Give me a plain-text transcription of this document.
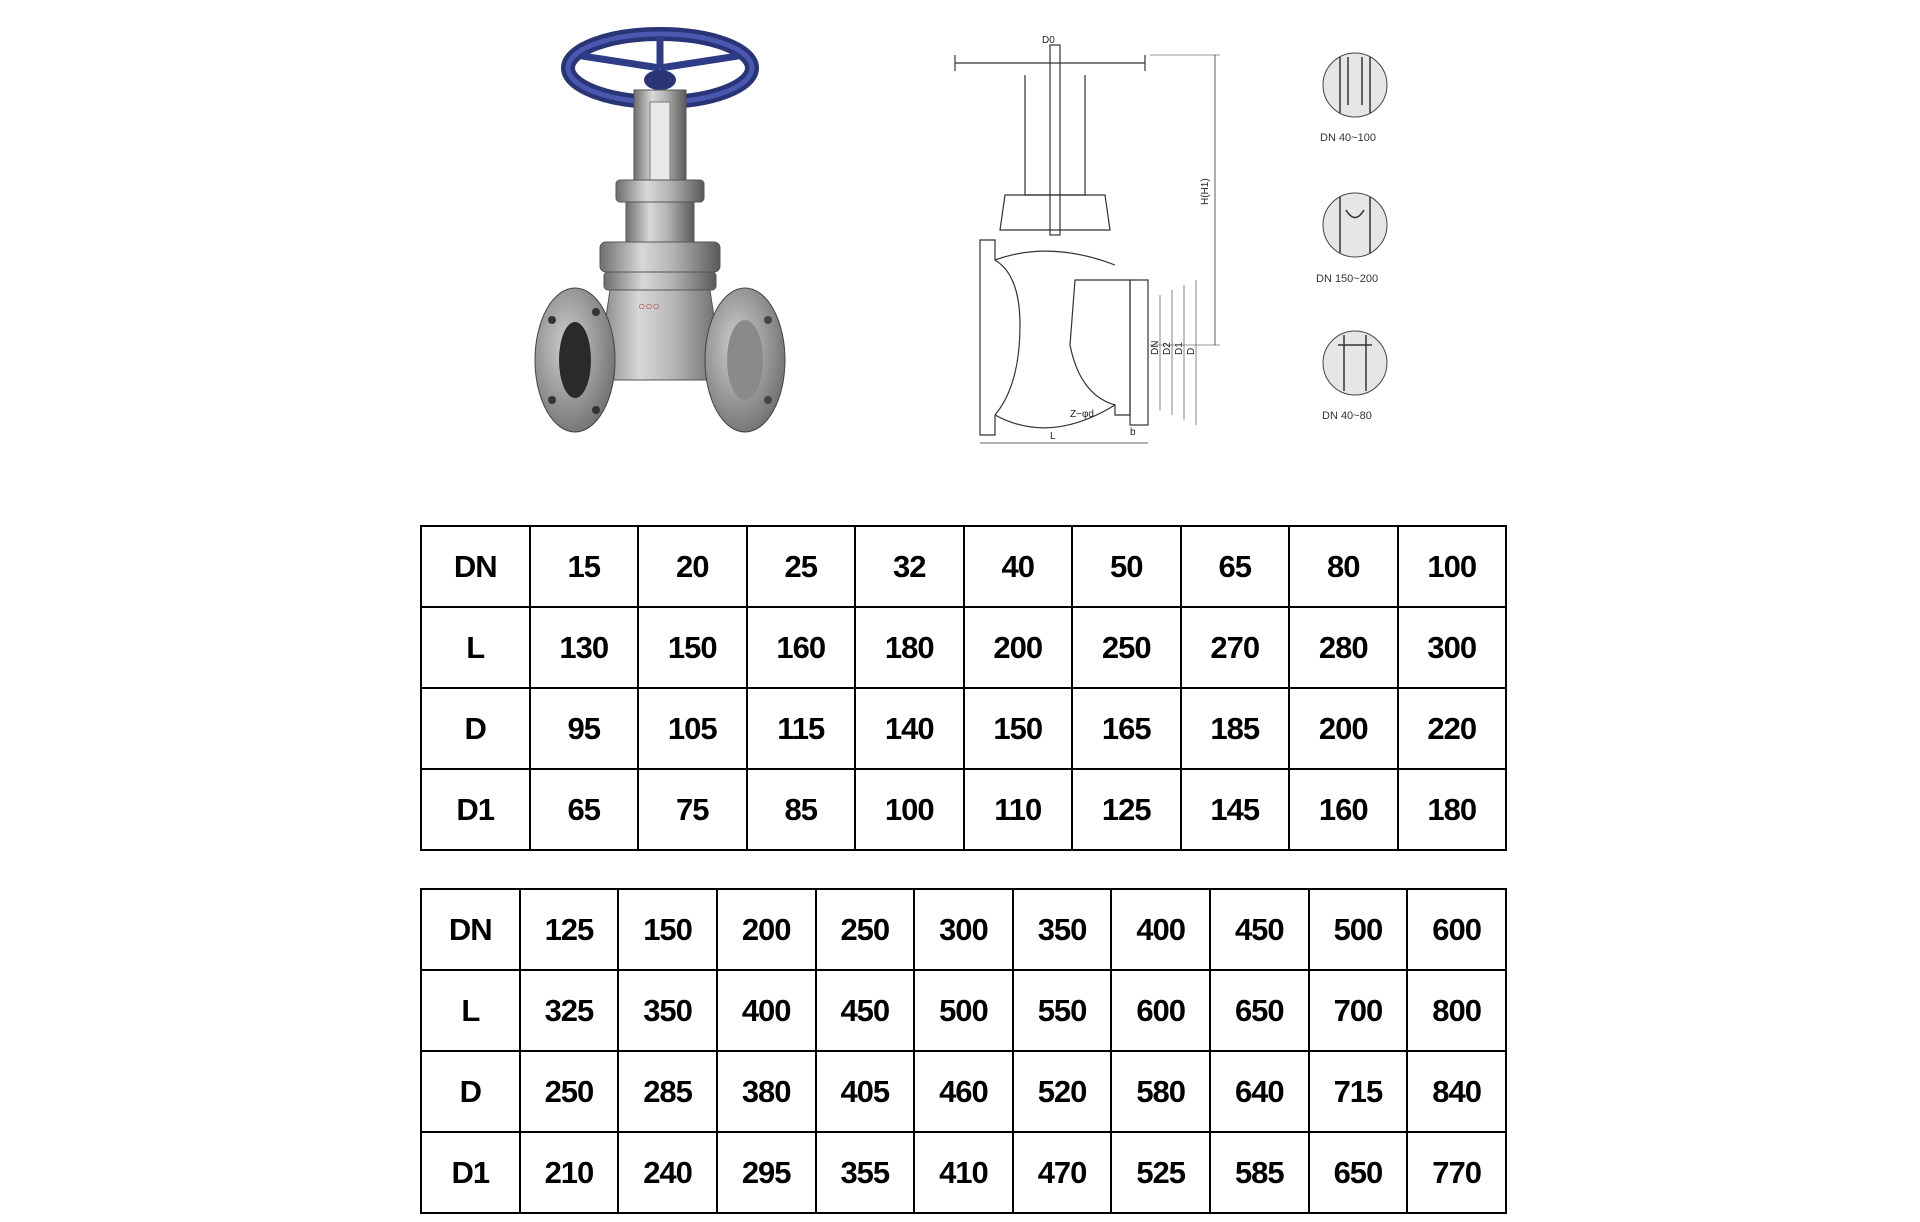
○○○
D0
H(H1)
DN D2 D1 D
Z−φd
b
L
DN 40~100
DN 150~200
DN 40~80
DN	15	20	25	32	40	50	65	80	100
L	130	150	160	180	200	250	270	280	300
D	95	105	115	140	150	165	185	200	220
D1	65	75	85	100	110	125	145	160	180
DN	125	150	200	250	300	350	400	450	500	600
L	325	350	400	450	500	550	600	650	700	800
D	250	285	380	405	460	520	580	640	715	840
D1	210	240	295	355	410	470	525	585	650	770
